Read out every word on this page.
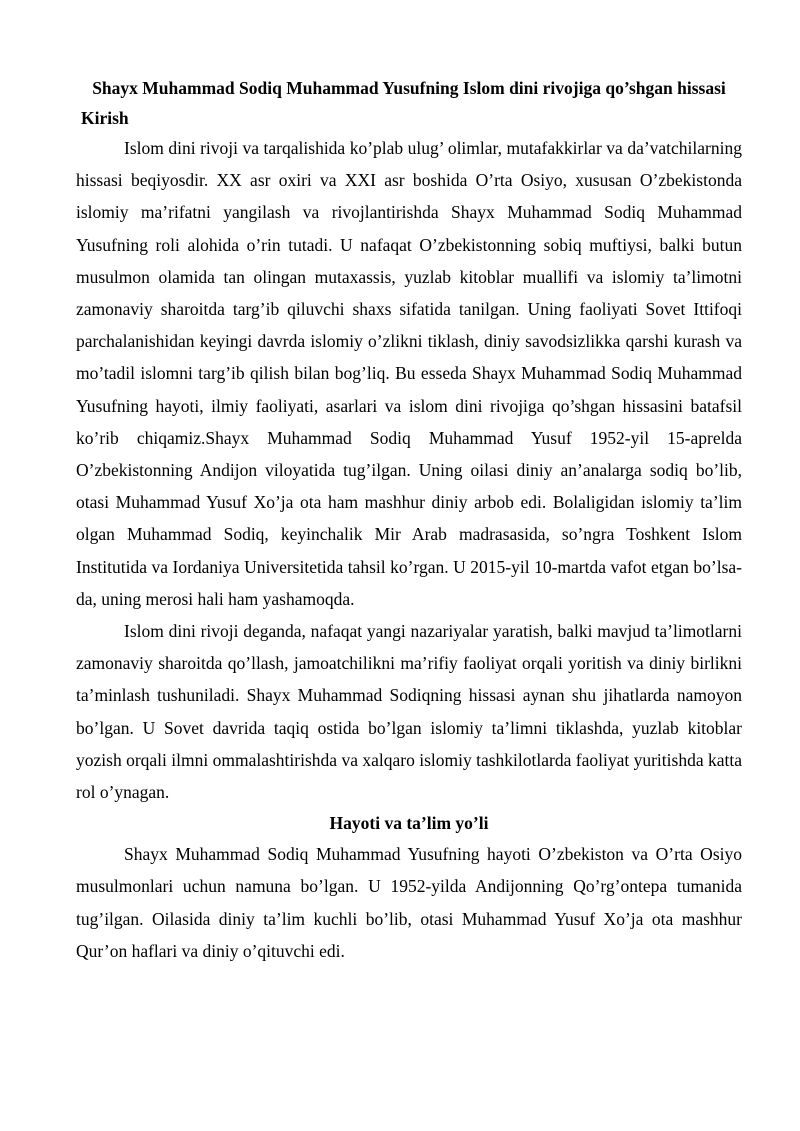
Shayx Muhammad Sodiq Muhammad Yusufning Islom dini rivojiga qo’shgan hissasi
Kirish

Islom dini rivoji va tarqalishida ko’plab ulug’ olimlar, mutafakkirlar va da’vatchilarning hissasi beqiyosdir. XX asr oxiri va XXI asr boshida O’rta Osiyo, xususan O’zbekistonda islomiy ma’rifatni yangilash va rivojlantirishda Shayx Muhammad Sodiq Muhammad Yusufning roli alohida o’rin tutadi. U nafaqat O’zbekistonning sobiq muftiysi, balki butun musulmon olamida tan olingan mutaxassis, yuzlab kitoblar muallifi va islomiy ta’limotni zamonaviy sharoitda targ’ib qiluvchi shaxs sifatida tanilgan. Uning faoliyati Sovet Ittifoqi parchalanishidan keyingi davrda islomiy o’zlikni tiklash, diniy savodsizlikka qarshi kurash va mo’tadil islomni targ’ib qilish bilan bog’liq. Bu esseda Shayx Muhammad Sodiq Muhammad Yusufning hayoti, ilmiy faoliyati, asarlari va islom dini rivojiga qo’shgan hissasini batafsil ko’rib chiqamiz.Shayx Muhammad Sodiq Muhammad Yusuf 1952-yil 15-aprelda O’zbekistonning Andijon viloyatida tug’ilgan. Uning oilasi diniy an’analarga sodiq bo’lib, otasi Muhammad Yusuf Xo’ja ota ham mashhur diniy arbob edi. Bolaligidan islomiy ta’lim olgan Muhammad Sodiq, keyinchalik Mir Arab madrasasida, so’ngra Toshkent Islom Institutida va Iordaniya Universitetida tahsil ko’rgan. U 2015-yil 10-martda vafot etgan bo’lsa-da, uning merosi hali ham yashamoqda.

Islom dini rivoji deganda, nafaqat yangi nazariyalar yaratish, balki mavjud ta’limotlarni zamonaviy sharoitda qo’llash, jamoatchilikni ma’rifiy faoliyat orqali yoritish va diniy birlikni ta’minlash tushuniladi. Shayx Muhammad Sodiqning hissasi aynan shu jihatlarda namoyon bo’lgan. U Sovet davrida taqiq ostida bo’lgan islomiy ta’limni tiklashda, yuzlab kitoblar yozish orqali ilmni ommalashtirishda va xalqaro islomiy tashkilotlarda faoliyat yuritishda katta rol o’ynagan.

Hayoti va ta’lim yo’li

Shayx Muhammad Sodiq Muhammad Yusufning hayoti O’zbekiston va O’rta Osiyo musulmonlari uchun namuna bo’lgan. U 1952-yilda Andijonning Qo’rg’ontepa tumanida tug’ilgan. Oilasida diniy ta’lim kuchli bo’lib, otasi Muhammad Yusuf Xo’ja ota mashhur Qur’on haflari va diniy o’qituvchi edi.
